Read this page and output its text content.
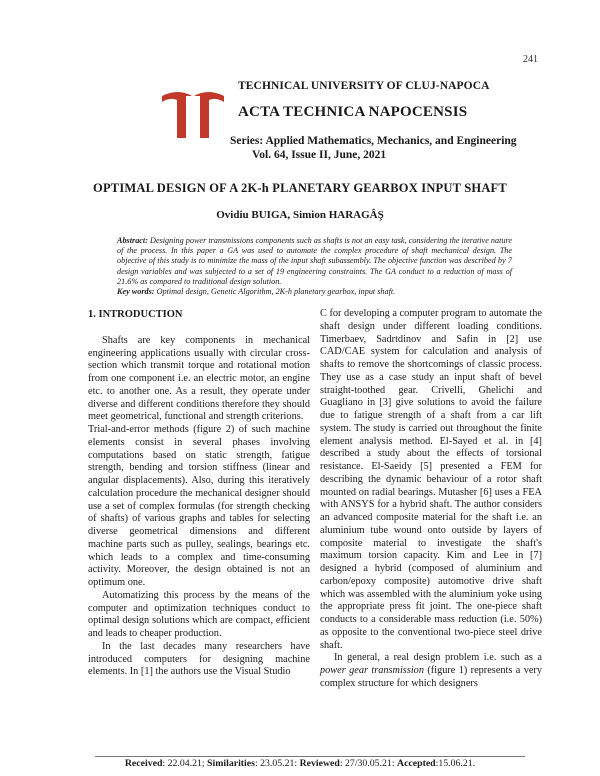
241
TECHNICAL UNIVERSITY OF CLUJ-NAPOCA
ACTA TECHNICA NAPOCENSIS
Series: Applied Mathematics, Mechanics, and Engineering
Vol. 64, Issue II, June, 2021
OPTIMAL DESIGN OF A 2K-h PLANETARY GEARBOX INPUT SHAFT
Ovidiu BUIGA, Simion HARAGÂŞ
Abstract: Designing power transmissions components such as shafts is not an easy task, considering the iterative nature of the process. In this paper a GA was used to automate the complex procedure of shaft mechanical design. The objective of this study is to minimize the mass of the input shaft subassembly. The objective function was described by 7 design variables and was subjected to a set of 19 engineering constraints. The GA conduct to a reduction of mass of 21.6% as compared to traditional design solution.
Key words: Optimal design, Genetic Algorithm, 2K-h planetary gearbox, input shaft.
1. INTRODUCTION
Shafts are key components in mechanical engineering applications usually with circular cross-section which transmit torque and rotational motion from one component i.e. an electric motor, an engine etc. to another one. As a result, they operate under diverse and different conditions therefore they should meet geometrical, functional and strength criterions.
Trial-and-error methods (figure 2) of such machine elements consist in several phases involving computations based on static strength, fatigue strength, bending and torsion stiffness (linear and angular displacements). Also, during this iteratively calculation procedure the mechanical designer should use a set of complex formulas (for strength checking of shafts) of various graphs and tables for selecting diverse geometrical dimensions and different machine parts such as pulley, sealings, bearings etc. which leads to a complex and time-consuming activity. Moreover, the design obtained is not an optimum one.
Automatizing this process by the means of the computer and optimization techniques conduct to optimal design solutions which are compact, efficient and leads to cheaper production.
In the last decades many researchers have introduced computers for designing machine elements. In [1] the authors use the Visual Studio
C for developing a computer program to automate the shaft design under different loading conditions. Timerbaev, Sadrtdinov and Safin in [2] use CAD/CAE system for calculation and analysis of shafts to remove the shortcomings of classic process. They use as a case study an input shaft of bevel straight-toothed gear. Crivelli, Ghelichi and Guagliano in [3] give solutions to avoid the failure due to fatigue strength of a shaft from a car lift system. The study is carried out throughout the finite element analysis method. El-Sayed et al. in [4] described a study about the effects of torsional resistance. El-Saeidy [5] presented a FEM for describing the dynamic behaviour of a rotor shaft mounted on radial bearings. Mutasher [6] uses a FEA with ANSYS for a hybrid shaft. The author considers an advanced composite material for the shaft i.e. an aluminium tube wound onto outside by layers of composite material to investigate the shaft's maximum torsion capacity. Kim and Lee in [7] designed a hybrid (composed of aluminium and carbon/epoxy composite) automotive drive shaft which was assembled with the aluminium yoke using the appropriate press fit joint. The one-piece shaft conducts to a considerable mass reduction (i.e. 50%) as opposite to the conventional two-piece steel drive shaft.
In general, a real design problem i.e. such as a power gear transmission (figure 1) represents a very complex structure for which designers
Received: 22.04.21; Similarities: 23.05.21: Reviewed: 27/30.05.21: Accepted:15.06.21.
